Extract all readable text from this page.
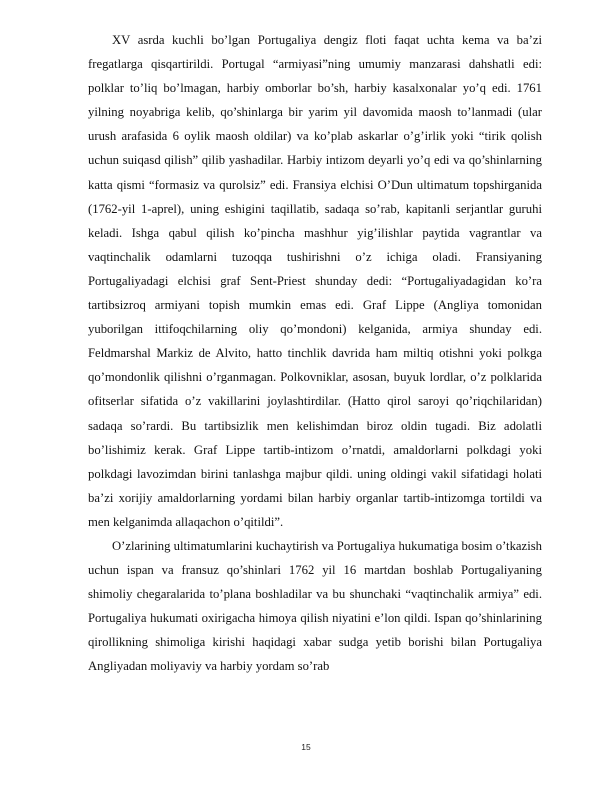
XV asrda kuchli bo’lgan Portugaliya dengiz floti faqat uchta kema va ba’zi fregatlarga qisqartirildi. Portugal “armiyasi”ning umumiy manzarasi dahshatli edi: polklar to’liq bo’lmagan, harbiy omborlar bo’sh, harbiy kasalxonalar yo’q edi. 1761 yilning noyabriga kelib, qo’shinlarga bir yarim yil davomida maosh to’lanmadi (ular urush arafasida 6 oylik maosh oldilar) va ko’plab askarlar o’g’irlik yoki “tirik qolish uchun suiqasd qilish” qilib yashadilar. Harbiy intizom deyarli yo’q edi va qo’shinlarning katta qismi “formasiz va qurolsiz” edi. Fransiya elchisi O’Dun ultimatum topshirganida (1762-yil 1-aprel), uning eshigini taqillatib, sadaqa so’rab, kapitanli serjantlar guruhi keladi. Ishga qabul qilish ko’pincha mashhur yig’ilishlar paytida vagrantlar va vaqtinchalik odamlarni tuzoqqa tushirishni o’z ichiga oladi. Fransiyaning Portugaliyadagi elchisi graf Sent-Priest shunday dedi: “Portugaliyadagidan ko’ra tartibsizroq armiyani topish mumkin emas edi. Graf Lippe (Angliya tomonidan yuborilgan ittifoqchilarning oliy qo’mondoni) kelganida, armiya shunday edi. Feldmarshal Markiz de Alvito, hatto tinchlik davrida ham miltiq otishni yoki polkga qo’mondonlik qilishni o’rganmagan. Polkovniklar, asosan, buyuk lordlar, o’z polklarida ofitserlar sifatida o’z vakillarini joylashtirdilar. (Hatto qirol saroyi qo’riqchilaridan) sadaqa so’rardi. Bu tartibsizlik men kelishimdan biroz oldin tugadi. Biz adolatli bo’lishimiz kerak. Graf Lippe tartib-intizom o’rnatdi, amaldorlarni polkdagi yoki polkdagi lavozimdan birini tanlashga majbur qildi. uning oldingi vakil sifatidagi holati ba’zi xorijiy amaldorlarning yordami bilan harbiy organlar tartib-intizomga tortildi va men kelganimda allaqachon o’qitildi”.

O’zlarining ultimatumlarini kuchaytirish va Portugaliya hukumatiga bosim o’tkazish uchun ispan va fransuz qo’shinlari 1762 yil 16 martdan boshlab Portugaliyaning shimoliy chegaralarida to’plana boshladilar va bu shunchaki “vaqtinchalik armiya” edi. Portugaliya hukumati oxirigacha himoya qilish niyatini e’lon qildi. Ispan qo’shinlarining qirollikning shimoliga kirishi haqidagi xabar sudga yetib borishi bilan Portugaliya Angliyadan moliyaviy va harbiy yordam so’rab

15
